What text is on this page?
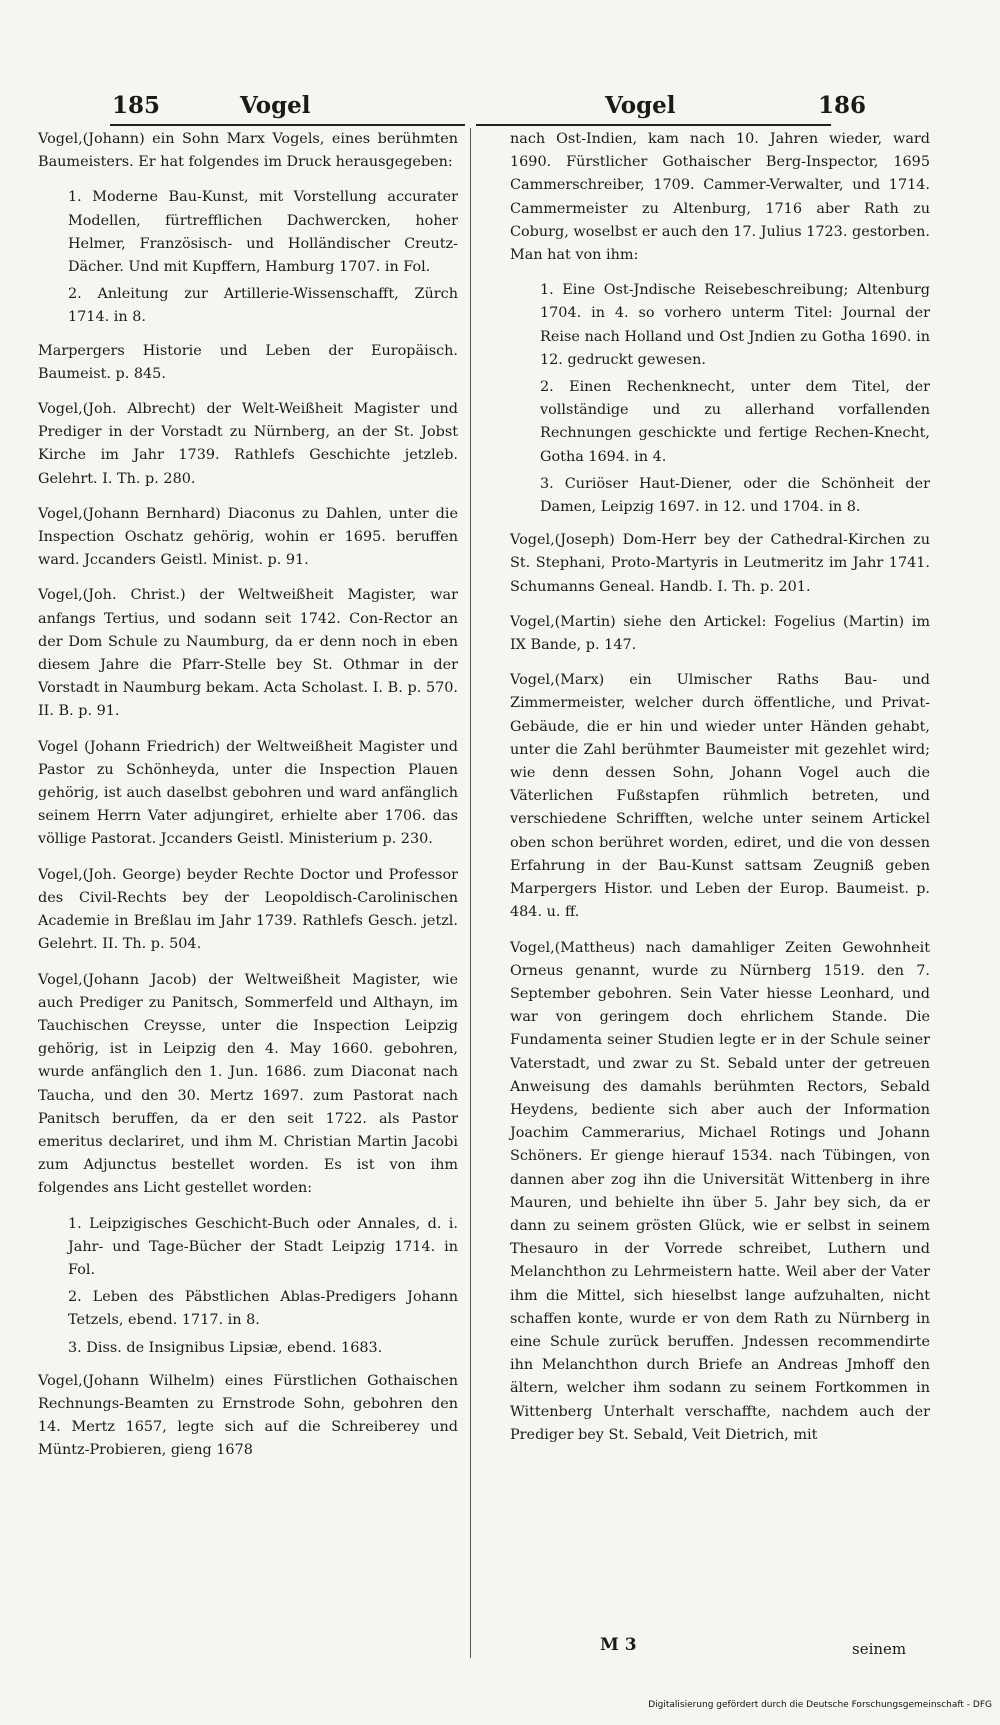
185	Vogel	Vogel	186

Vogel,(Johann) ein Sohn Marx Vogels, eines berühmten Baumeisters. Er hat folgendes im Druck herausgegeben:

1. Moderne Bau-Kunst, mit Vorstellung accurater Modellen, fürtrefflichen Dachwercken, hoher Helmer, Französisch- und Holländischer Creutz-Dächer. Und mit Kupffern, Hamburg 1707. in Fol.
2. Anleitung zur Artillerie-Wissenschafft, Zürch 1714. in 8.

Marpergers Historie und Leben der Europäisch. Baumeist. p. 845.

Vogel,(Joh. Albrecht) der Welt-Weißheit Magister und Prediger in der Vorstadt zu Nürnberg, an der St. Jobst Kirche im Jahr 1739. Rathlefs Geschichte jetzleb. Gelehrt. I. Th. p. 280.

Vogel,(Johann Bernhard) Diaconus zu Dahlen, unter die Inspection Oschatz gehörig, wohin er 1695. beruffen ward. Jccanders Geistl. Minist. p. 91.

Vogel,(Joh. Christ.) der Weltweißheit Magister, war anfangs Tertius, und sodann seit 1742. Con-Rector an der Dom Schule zu Naumburg, da er denn noch in eben diesem Jahre die Pfarr-Stelle bey St. Othmar in der Vorstadt in Naumburg bekam. Acta Scholast. I. B. p. 570. II. B. p. 91.

Vogel (Johann Friedrich) der Weltweißheit Magister und Pastor zu Schönheyda, unter die Inspection Plauen gehörig, ist auch daselbst gebohren und ward anfänglich seinem Herrn Vater adjungiret, erhielte aber 1706. das völlige Pastorat. Jccanders Geistl. Ministerium p. 230.

Vogel,(Joh. George) beyder Rechte Doctor und Professor des Civil-Rechts bey der Leopoldisch-Carolinischen Academie in Breßlau im Jahr 1739. Rathlefs Gesch. jetzl. Gelehrt. II. Th. p. 504.

Vogel,(Johann Jacob) der Weltweißheit Magister, wie auch Prediger zu Panitsch, Sommerfeld und Althayn, im Tauchischen Creysse, unter die Inspection Leipzig gehörig, ist in Leipzig den 4. May 1660. gebohren, wurde anfänglich den 1. Jun. 1686. zum Diaconat nach Taucha, und den 30. Mertz 1697. zum Pastorat nach Panitsch beruffen, da er den seit 1722. als Pastor emeritus declariret, und ihm M. Christian Martin Jacobi zum Adjunctus bestellet worden. Es ist von ihm folgendes ans Licht gestellet worden:

1. Leipzigisches Geschicht-Buch oder Annales, d. i. Jahr- und Tage-Bücher der Stadt Leipzig 1714. in Fol.
2. Leben des Päbstlichen Ablas-Predigers Johann Tetzels, ebend. 1717. in 8.
3. Diss. de Insignibus Lipsiæ, ebend. 1683.

Vogel,(Johann Wilhelm) eines Fürstlichen Gothaischen Rechnungs-Beamten zu Ernstrode Sohn, gebohren den 14. Mertz 1657, legte sich auf die Schreiberey und Müntz-Probieren, gieng 1678

nach Ost-Indien, kam nach 10. Jahren wieder, ward 1690. Fürstlicher Gothaischer Berg-Inspector, 1695 Cammerschreiber, 1709. Cammer-Verwalter, und 1714. Cammermeister zu Altenburg, 1716 aber Rath zu Coburg, woselbst er auch den 17. Julius 1723. gestorben. Man hat von ihm:

1. Eine Ost-Jndische Reisebeschreibung; Altenburg 1704. in 4. so vorhero unterm Titel: Journal der Reise nach Holland und Ost Jndien zu Gotha 1690. in 12. gedruckt gewesen.
2. Einen Rechenknecht, unter dem Titel, der vollständige und zu allerhand vorfallenden Rechnungen geschickte und fertige Rechen-Knecht, Gotha 1694. in 4.
3. Curiöser Haut-Diener, oder die Schönheit der Damen, Leipzig 1697. in 12. und 1704. in 8.

Vogel,(Joseph) Dom-Herr bey der Cathedral-Kirchen zu St. Stephani, Proto-Martyris in Leutmeritz im Jahr 1741. Schumanns Geneal. Handb. I. Th. p. 201.

Vogel,(Martin) siehe den Artickel: Fogelius (Martin) im IX Bande, p. 147.

Vogel,(Marx) ein Ulmischer Raths Bau- und Zimmermeister, welcher durch öffentliche, und Privat-Gebäude, die er hin und wieder unter Händen gehabt, unter die Zahl berühmter Baumeister mit gezehlet wird; wie denn dessen Sohn, Johann Vogel auch die Väterlichen Fußstapfen rühmlich betreten, und verschiedene Schrifften, welche unter seinem Artickel oben schon berühret worden, ediret, und die von dessen Erfahrung in der Bau-Kunst sattsam Zeugniß geben Marpergers Histor. und Leben der Europ. Baumeist. p. 484. u. ff.

Vogel,(Mattheus) nach damahliger Zeiten Gewohnheit Orneus genannt, wurde zu Nürnberg 1519. den 7. September gebohren. Sein Vater hiesse Leonhard, und war von geringem doch ehrlichem Stande. Die Fundamenta seiner Studien legte er in der Schule seiner Vaterstadt, und zwar zu St. Sebald unter der getreuen Anweisung des damahls berühmten Rectors, Sebald Heydens, bediente sich aber auch der Information Joachim Cammerarius, Michael Rotings und Johann Schöners. Er gienge hierauf 1534. nach Tübingen, von dannen aber zog ihn die Universität Wittenberg in ihre Mauren, und behielte ihn über 5. Jahr bey sich, da er dann zu seinem grösten Glück, wie er selbst in seinem Thesauro in der Vorrede schreibet, Luthern und Melanchthon zu Lehrmeistern hatte. Weil aber der Vater ihm die Mittel, sich hieselbst lange aufzuhalten, nicht schaffen konte, wurde er von dem Rath zu Nürnberg in eine Schule zurück beruffen. Jndessen recommendirte ihn Melanchthon durch Briefe an Andreas Jmhoff den ältern, welcher ihm sodann zu seinem Fortkommen in Wittenberg Unterhalt verschaffte, nachdem auch der Prediger bey St. Sebald, Veit Dietrich, mit

M 3	seinem
Digitalisierung gefördert durch die Deutsche Forschungsgemeinschaft - DFG
